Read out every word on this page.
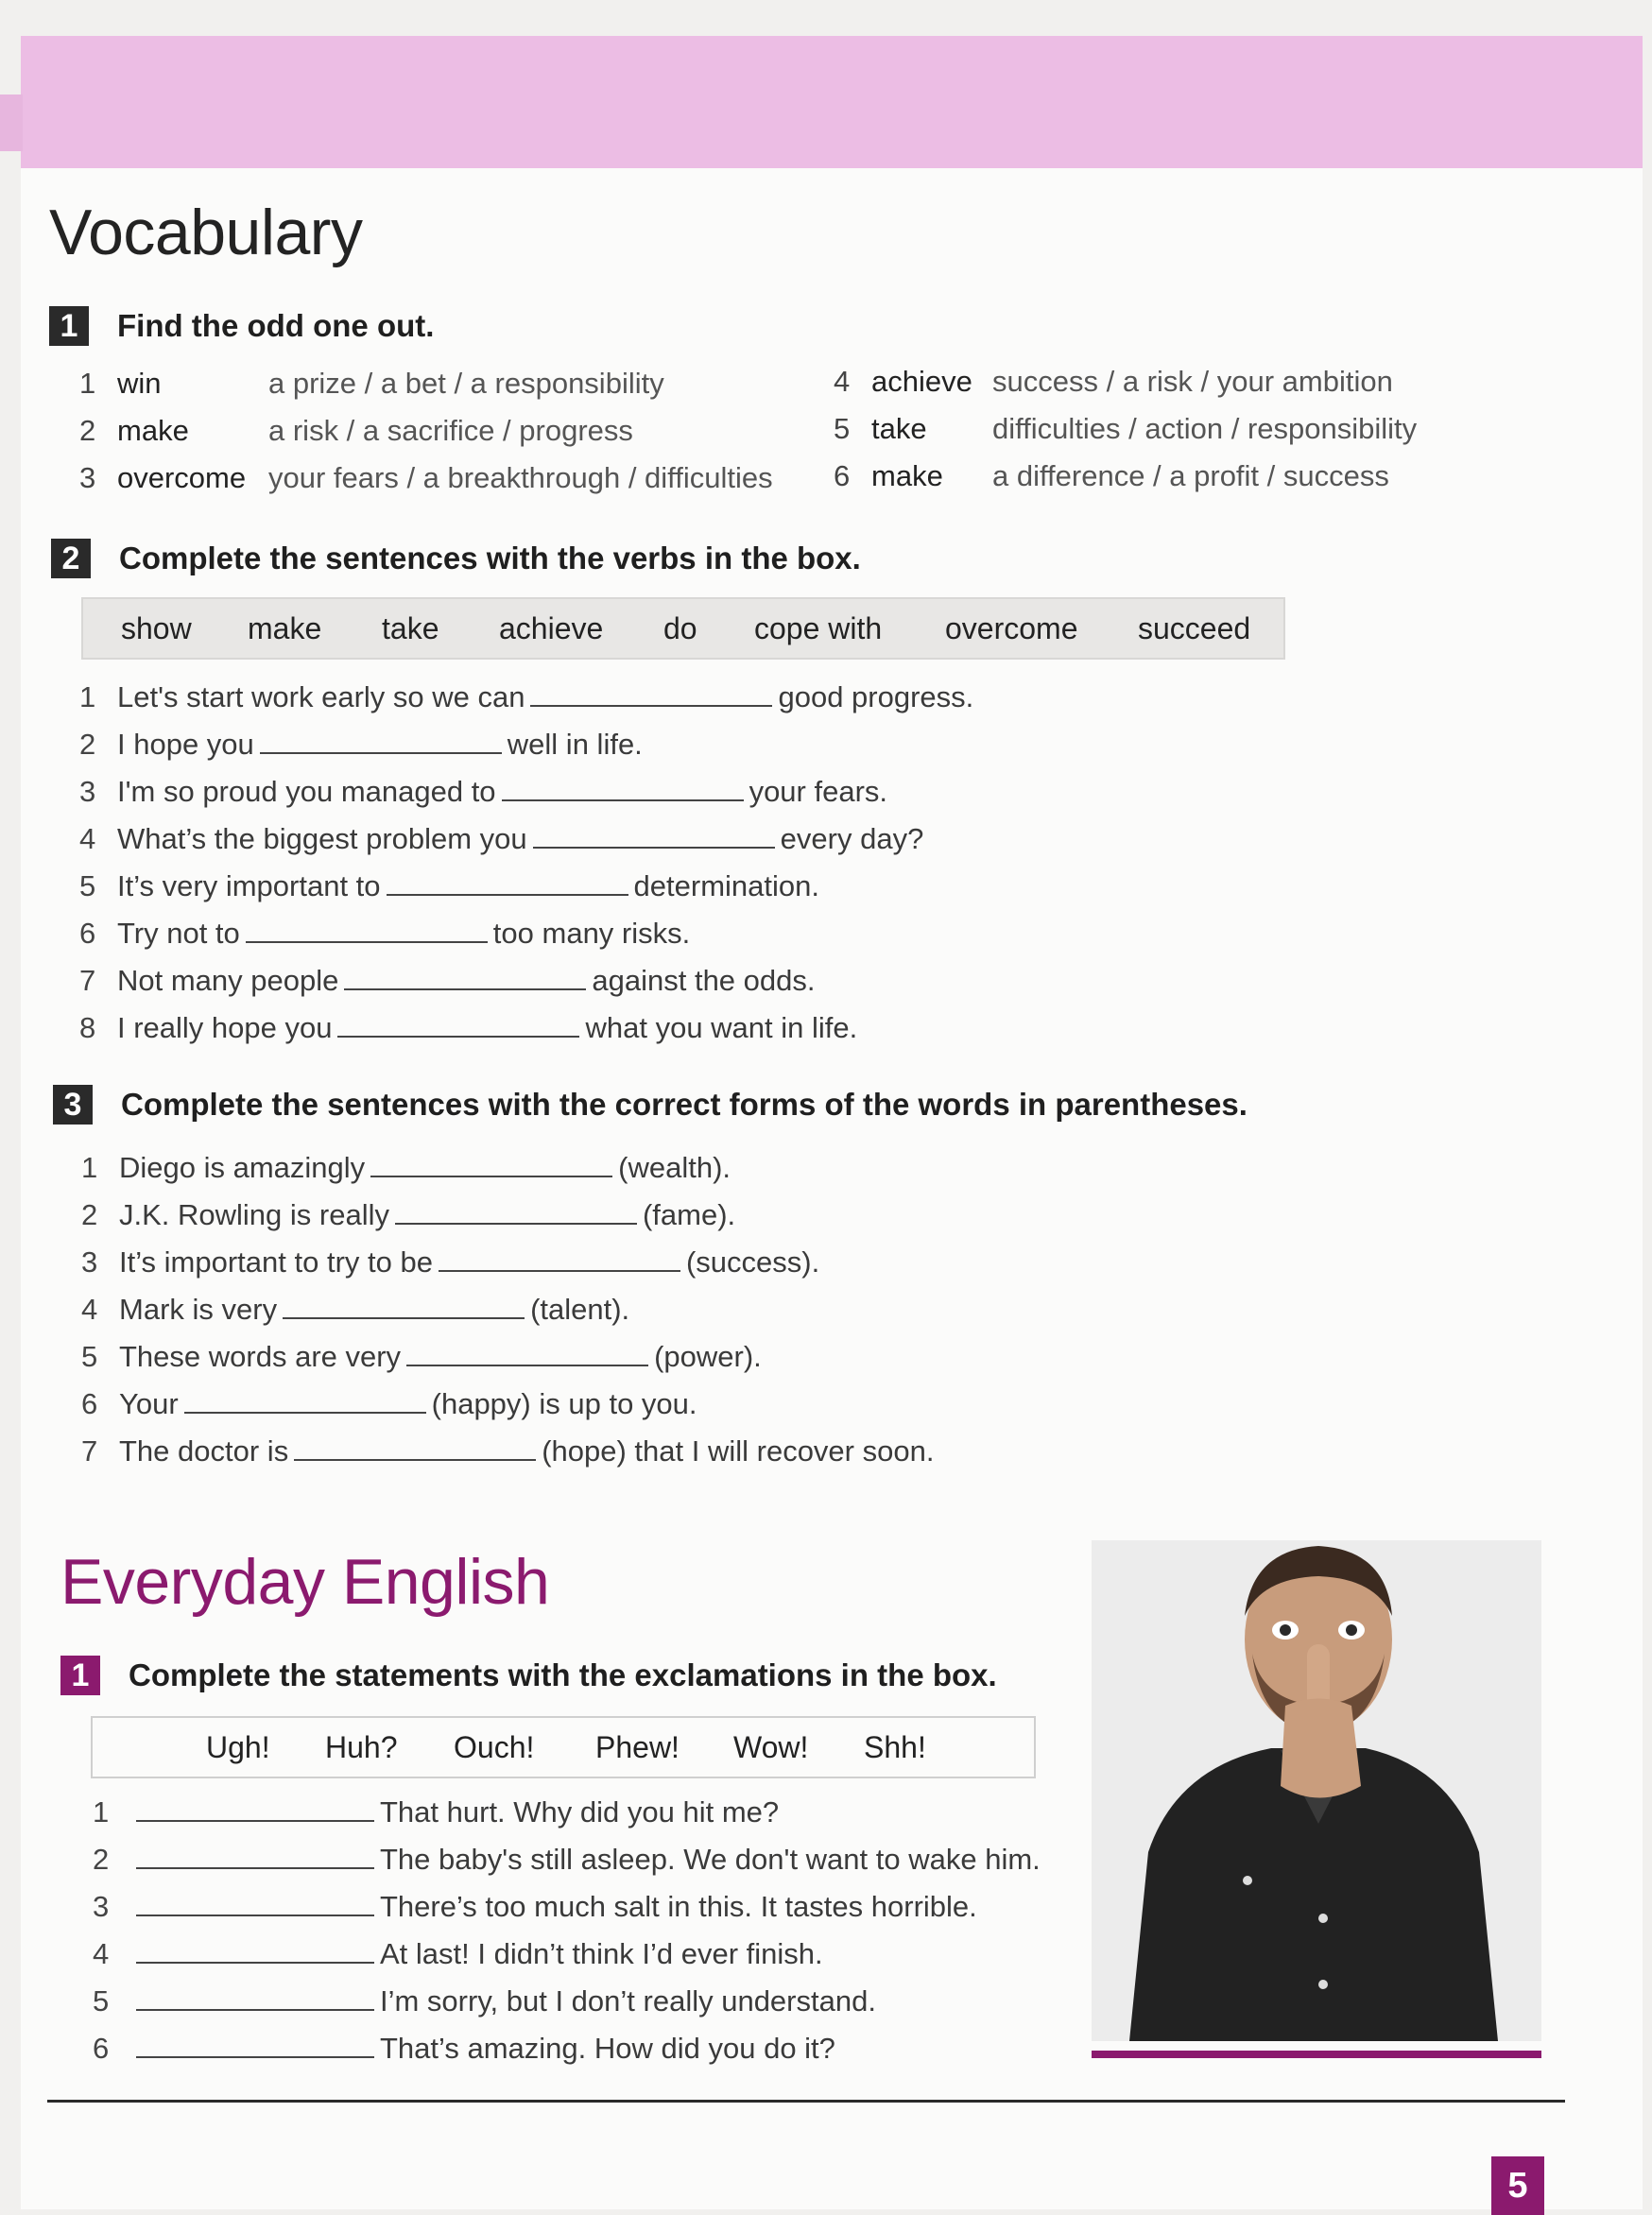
Vocabulary
1	Find the odd one out.
1 win	a prize / a bet / a responsibility
2 make	a risk / a sacrifice / progress
3 overcome your fears / a breakthrough / difficulties
4 achieve success / a risk / your ambition
5 take difficulties / action / responsibility
6 make a difference / a profit / success
2	Complete the sentences with the verbs in the box.
show make take achieve do cope with overcome succeed
1 Let's start work early so we can	good progress.
2 I hope you	well in life.
3 I'm so proud you managed to	your fears.
4 What’s the biggest problem you	every day?
5 It’s very important to	determination.
6 Try not to	too many risks.
7 Not many people	against the odds.
8 I really hope you	what you want in life.
3	Complete the sentences with the correct forms of the words in parentheses.
1 Diego is amazingly	(wealth).
2 J.K. Rowling is really	(fame).
3 It’s important to try to be	(success).
4 Mark is very	(talent).
5 These words are very	(power).
6 Your	(happy) is up to you.
7 The doctor is	(hope) that I will recover soon.
Everyday English
1	Complete the statements with the exclamations in the box.
Ugh! Huh? Ouch! Phew! Wow! Shh!
1	That hurt. Why did you hit me?
2	The baby's still asleep. We don't want to wake him.
3	There’s too much salt in this. It tastes horrible.
4	At last! I didn’t think I’d ever finish.
5	I’m sorry, but I don’t really understand.
6	That’s amazing. How did you do it?
5
